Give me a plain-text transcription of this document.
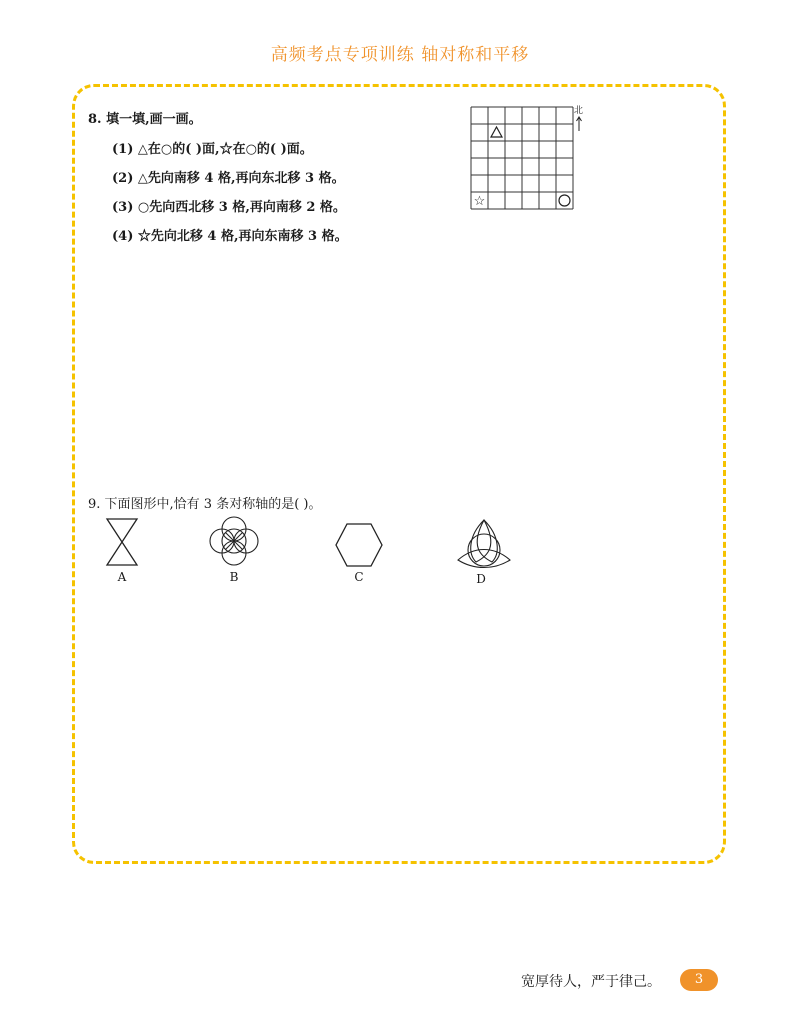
高频考点专项训练 轴对称和平移
8. 填一填,画一画。
(1) △在○的( )面,☆在○的( )面。
(2) △先向南移 4 格,再向东北移 3 格。
(3) ○先向西北移 3 格,再向南移 2 格。
(4) ☆先向北移 4 格,再向东南移 3 格。
☆
北
9. 下面图形中,恰有 3 条对称轴的是( )。
A	B	C	D
宽厚待人，严于律己。	3
